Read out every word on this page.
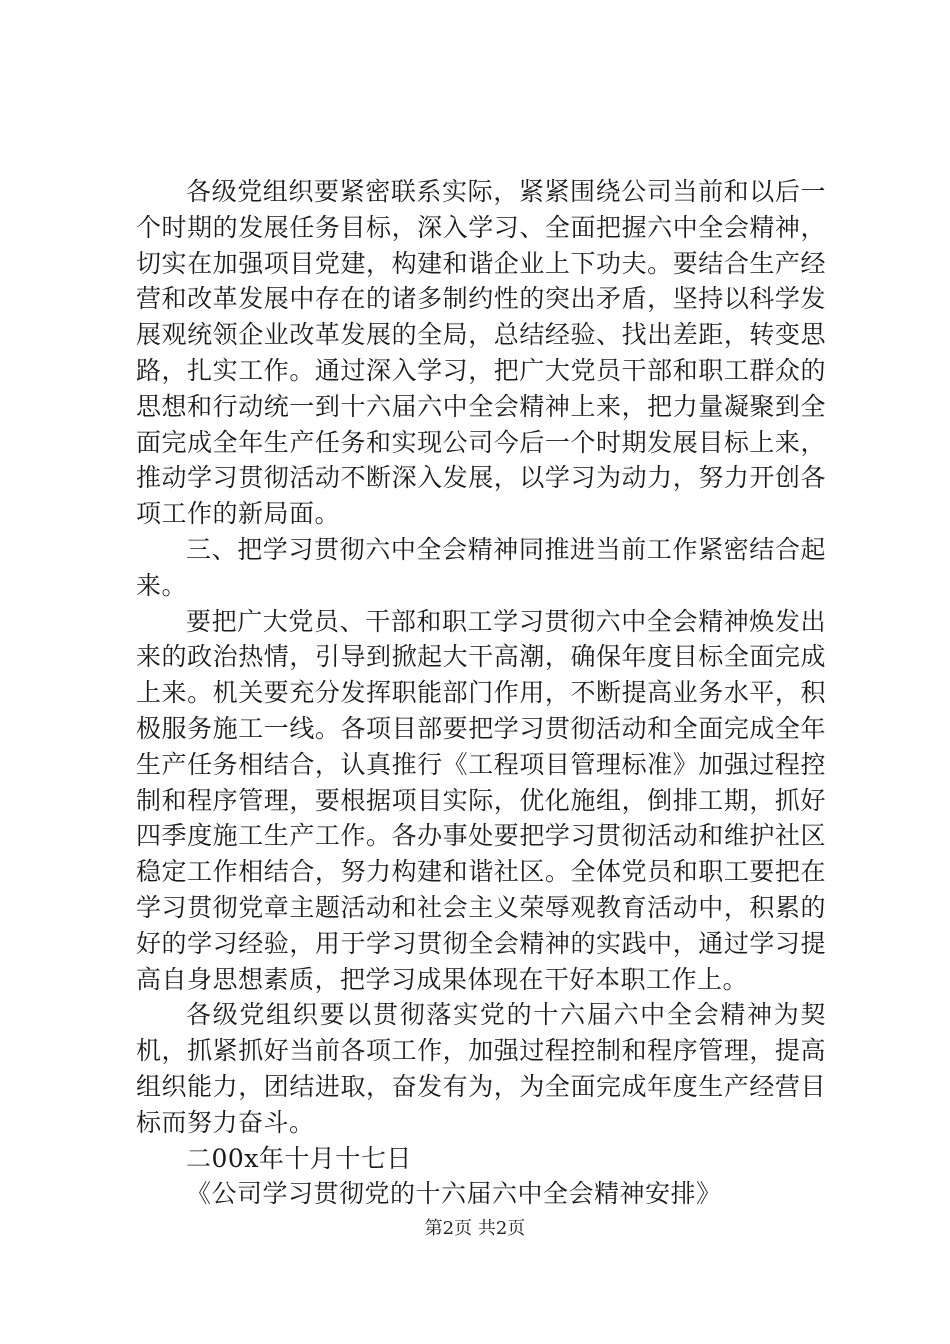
各级党组织要紧密联系实际，紧紧围绕公司当前和以后一个时期的发展任务目标，深入学习、全面把握六中全会精神，切实在加强项目党建，构建和谐企业上下功夫。要结合生产经营和改革发展中存在的诸多制约性的突出矛盾，坚持以科学发展观统领企业改革发展的全局，总结经验、找出差距，转变思路，扎实工作。通过深入学习，把广大党员干部和职工群众的思想和行动统一到十六届六中全会精神上来，把力量凝聚到全面完成全年生产任务和实现公司今后一个时期发展目标上来，推动学习贯彻活动不断深入发展，以学习为动力，努力开创各项工作的新局面。

三、把学习贯彻六中全会精神同推进当前工作紧密结合起来。

要把广大党员、干部和职工学习贯彻六中全会精神焕发出来的政治热情，引导到掀起大干高潮，确保年度目标全面完成上来。机关要充分发挥职能部门作用，不断提高业务水平，积极服务施工一线。各项目部要把学习贯彻活动和全面完成全年生产任务相结合，认真推行《工程项目管理标准》加强过程控制和程序管理，要根据项目实际，优化施组，倒排工期，抓好四季度施工生产工作。各办事处要把学习贯彻活动和维护社区稳定工作相结合，努力构建和谐社区。全体党员和职工要把在学习贯彻党章主题活动和社会主义荣辱观教育活动中，积累的好的学习经验，用于学习贯彻全会精神的实践中，通过学习提高自身思想素质，把学习成果体现在干好本职工作上。

各级党组织要以贯彻落实党的十六届六中全会精神为契机，抓紧抓好当前各项工作，加强过程控制和程序管理，提高组织能力，团结进取，奋发有为，为全面完成年度生产经营目标而努力奋斗。

二00x年十月十七日

《公司学习贯彻党的十六届六中全会精神安排》

第2页 共2页
